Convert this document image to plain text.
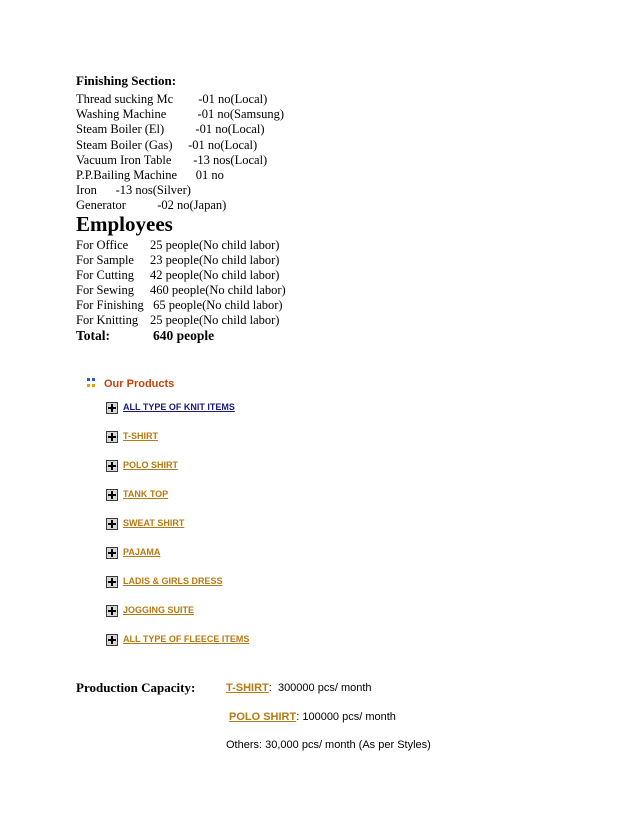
Finishing Section:
Thread sucking Mc        -01 no(Local)
Washing Machine          -01 no(Samsung)
Steam Boiler (El)          -01 no(Local)
Steam Boiler (Gas)     -01 no(Local)
Vacuum Iron Table       -13 nos(Local)
P.P.Bailing Machine      01 no
Iron      -13 nos(Silver)
Generator          -02 no(Japan)
Employees
For Office 25 people(No child labor)
For Sample 23 people(No child labor)
For Cutting 42 people(No child labor)
For Sewing 460 people(No child labor)
For Finishing 65 people(No child labor)
For Knitting 25 people(No child labor)
Total:	640 people
Our Products
ALL TYPE OF KNIT ITEMS
T-SHIRT
POLO SHIRT
TANK TOP
SWEAT SHIRT
PAJAMA
LADIS & GIRLS DRESS
JOGGING SUITE
ALL TYPE OF FLEECE ITEMS
Production Capacity:	T-SHIRT:  300000 pcs/ month
POLO SHIRT: 100000 pcs/ month
Others: 30,000 pcs/ month (As per Styles)
